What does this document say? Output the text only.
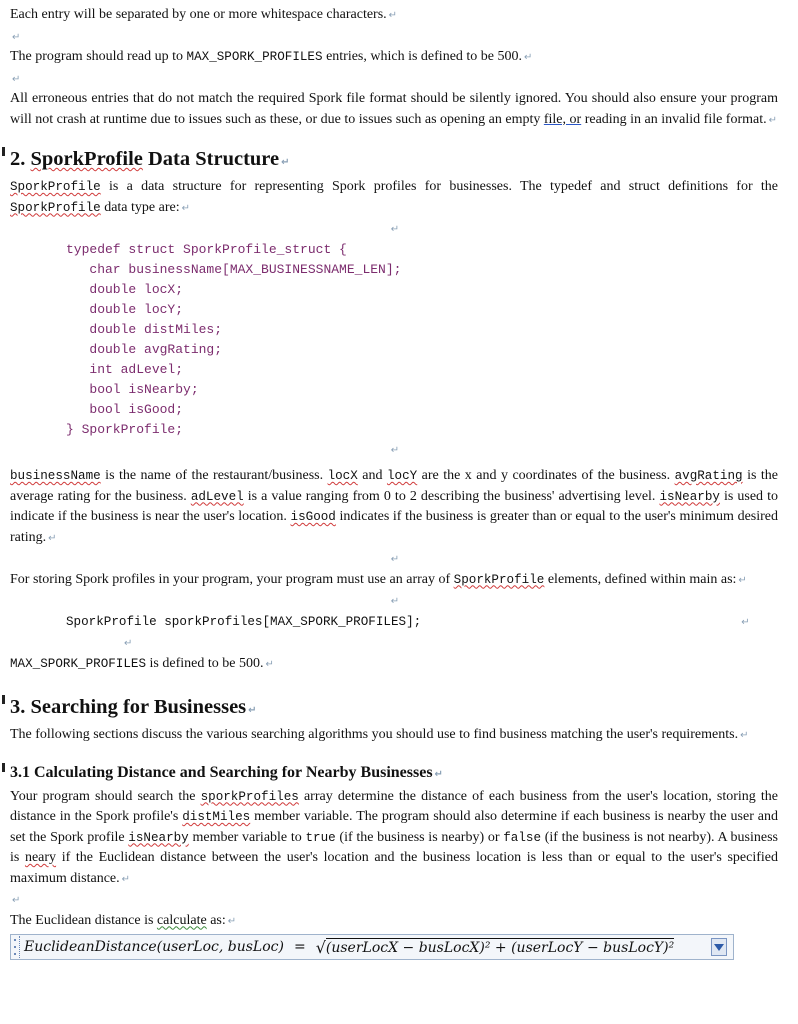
Each entry will be separated by one or more whitespace characters. ↵

↵

The program should read up to MAX_SPORK_PROFILES entries, which is defined to be 500. ↵

↵

All erroneous entries that do not match the required Spork file format should be silently ignored. You should also ensure your program will not crash at runtime due to issues such as these, or due to issues such as opening an empty file, or reading in an invalid file format. ↵

2. SporkProfile Data Structure ↵

SporkProfile is a data structure for representing Spork profiles for businesses. The typedef and struct definitions for the SporkProfile data type are: ↵

↵

typedef struct SporkProfile_struct {
char businessName[MAX_BUSINESSNAME_LEN];
double locX;
double locY;
double distMiles;
double avgRating;
int adLevel;
bool isNearby;
bool isGood;
} SporkProfile;

↵

businessName is the name of the restaurant/business. locX and locY are the x and y coordinates of the business. avgRating is the average rating for the business. adLevel is a value ranging from 0 to 2 describing the business' advertising level. isNearby is used to indicate if the business is near the user's location. isGood indicates if the business is greater than or equal to the user's minimum desired rating. ↵

↵

For storing Spork profiles in your program, your program must use an array of SporkProfile elements, defined within main as: ↵

↵

SporkProfile sporkProfiles[MAX_SPORK_PROFILES];	↵

↵

MAX_SPORK_PROFILES is defined to be 500. ↵

3. Searching for Businesses ↵

The following sections discuss the various searching algorithms you should use to find business matching the user's requirements. ↵

3.1 Calculating Distance and Searching for Nearby Businesses ↵

Your program should search the sporkProfiles array determine the distance of each business from the user's location, storing the distance in the Spork profile's distMiles member variable. The program should also determine if each business is nearby the user and set the Spork profile isNearby member variable to true (if the business is nearby) or false (if the business is not nearby). A business is neary if the Euclidean distance between the user's location and the business location is less than or equal to the user's specified maximum distance. ↵

↵

The Euclidean distance is calculate as: ↵

EuclideanDistance(userLoc, busLoc) = √ (userLocX − busLocX)² + (userLocY − busLocY)²
